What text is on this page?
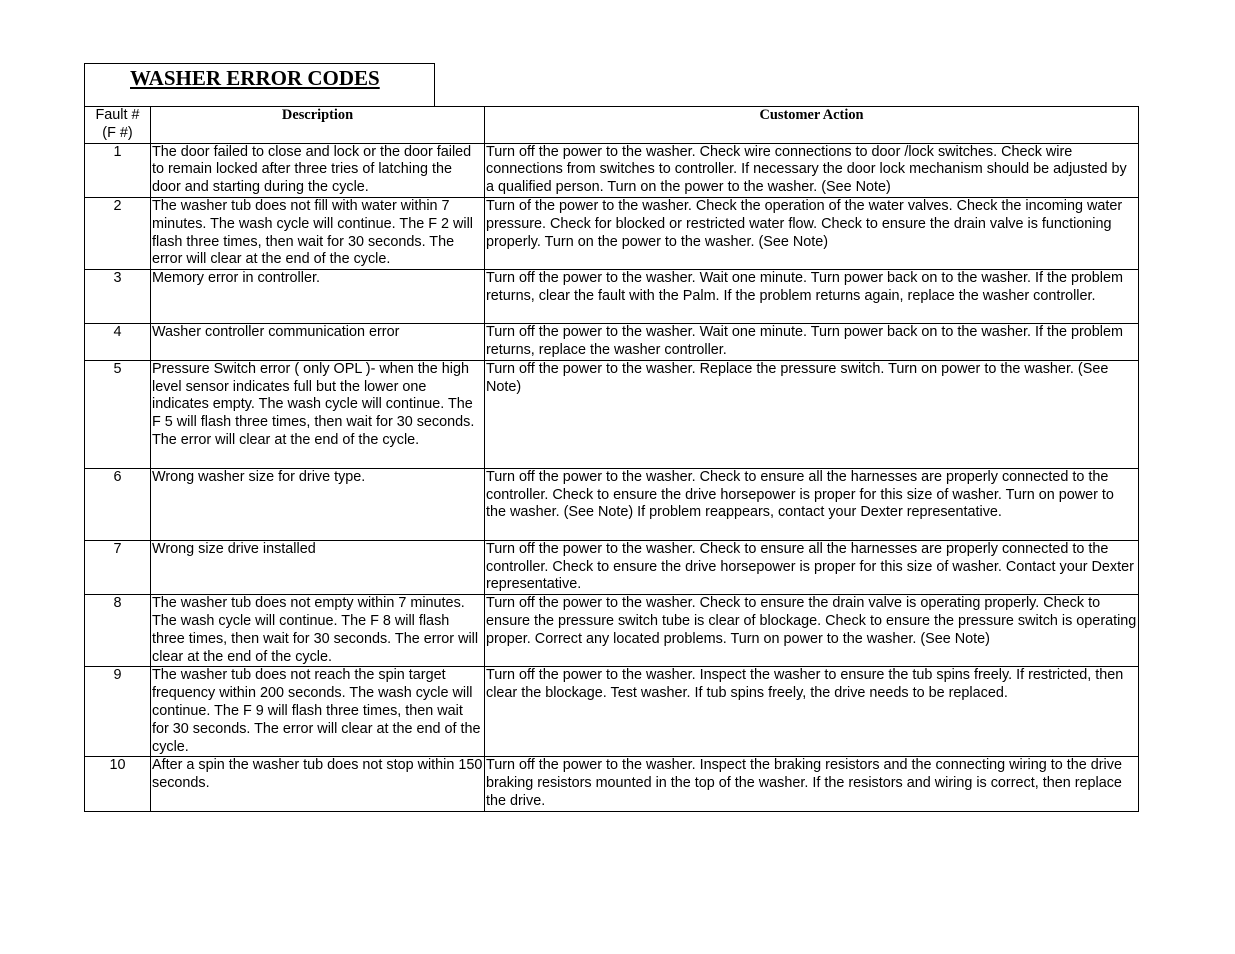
WASHER ERROR CODES
Fault #
(F #)	Description	Customer Action
1	The door failed to close and lock or the door failed to remain locked after three tries of latching the door and starting during the cycle.	Turn off the power to the washer. Check wire connections to door /lock switches. Check wire connections from switches to controller. If necessary the door lock mechanism should be adjusted by a qualified person. Turn on the power to the washer. (See Note)
2	The washer tub does not fill with water within 7 minutes. The wash cycle will continue. The F 2 will flash three times, then wait for 30 seconds. The error will clear at the end of the cycle.	Turn of the power to the washer. Check the operation of the water valves. Check the incoming water pressure. Check for blocked or restricted water flow. Check to ensure the drain valve is functioning properly. Turn on the power to the washer. (See Note)
3	Memory error in controller.	Turn off the power to the washer. Wait one minute. Turn power back on to the washer. If the problem returns, clear the fault with the Palm. If the problem returns again, replace the washer controller.
4	Washer controller communication error	Turn off the power to the washer. Wait one minute. Turn power back on to the washer. If the problem returns, replace the washer controller.
5	Pressure Switch error ( only OPL )- when the high level sensor indicates full but the lower one indicates empty. The wash cycle will continue. The F 5 will flash three times, then wait for 30 seconds. The error will clear at the end of the cycle.	Turn off the power to the washer. Replace the pressure switch. Turn on power to the washer. (See Note)
6	Wrong washer size for drive type.	Turn off the power to the washer. Check to ensure all the harnesses are properly connected to the controller. Check to ensure the drive horsepower is proper for this size of washer. Turn on power to the washer. (See Note) If problem reappears, contact your Dexter representative.
7	Wrong size drive installed	Turn off the power to the washer. Check to ensure all the harnesses are properly connected to the controller. Check to ensure the drive horsepower is proper for this size of washer. Contact your Dexter representative.
8	The washer tub does not empty within 7 minutes. The wash cycle will continue. The F 8 will flash three times, then wait for 30 seconds. The error will clear at the end of the cycle.	Turn off the power to the washer. Check to ensure the drain valve is operating properly. Check to ensure the pressure switch tube is clear of blockage. Check to ensure the pressure switch is operating proper. Correct any located problems. Turn on power to the washer. (See Note)
9	The washer tub does not reach the spin target frequency within 200 seconds. The wash cycle will continue. The F 9 will flash three times, then wait for 30 seconds. The error will clear at the end of the cycle.	Turn off the power to the washer. Inspect the washer to ensure the tub spins freely. If restricted, then clear the blockage. Test washer. If tub spins freely, the drive needs to be replaced.
10	After a spin the washer tub does not stop within 150 seconds.	Turn off the power to the washer. Inspect the braking resistors and the connecting wiring to the drive braking resistors mounted in the top of the washer. If the resistors and wiring is correct, then replace the drive.
